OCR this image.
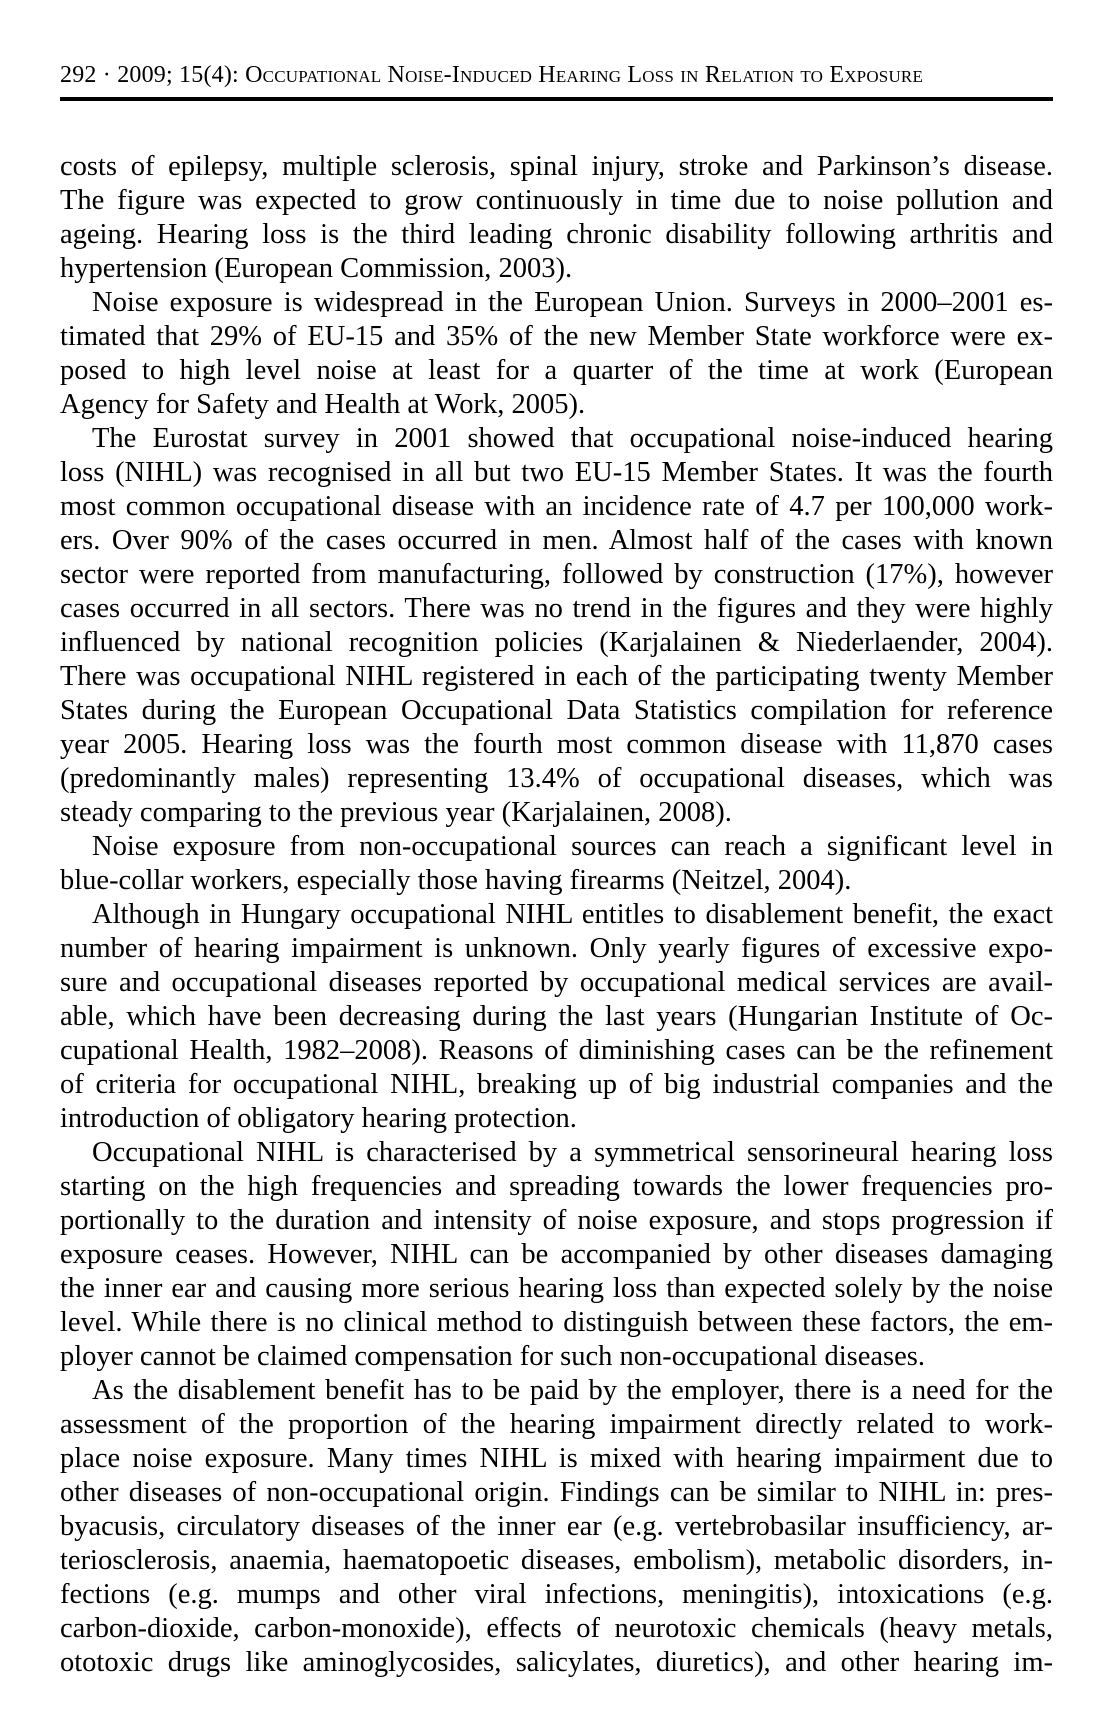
292 · 2009; 15(4): Occupational Noise-Induced Hearing Loss in Relation to Exposure
costs of epilepsy, multiple sclerosis, spinal injury, stroke and Parkinson’s disease.
The figure was expected to grow continuously in time due to noise pollution and
ageing. Hearing loss is the third leading chronic disability following arthritis and
hypertension (European Commission, 2003).
Noise exposure is widespread in the European Union. Surveys in 2000–2001 es-
timated that 29% of EU-15 and 35% of the new Member State workforce were ex-
posed to high level noise at least for a quarter of the time at work (European
Agency for Safety and Health at Work, 2005).
The Eurostat survey in 2001 showed that occupational noise-induced hearing
loss (NIHL) was recognised in all but two EU-15 Member States. It was the fourth
most common occupational disease with an incidence rate of 4.7 per 100,000 work-
ers. Over 90% of the cases occurred in men. Almost half of the cases with known
sector were reported from manufacturing, followed by construction (17%), however
cases occurred in all sectors. There was no trend in the figures and they were highly
influenced by national recognition policies (Karjalainen & Niederlaender, 2004).
There was occupational NIHL registered in each of the participating twenty Member
States during the European Occupational Data Statistics compilation for reference
year 2005. Hearing loss was the fourth most common disease with 11,870 cases
(predominantly males) representing 13.4% of occupational diseases, which was
steady comparing to the previous year (Karjalainen, 2008).
Noise exposure from non-occupational sources can reach a significant level in
blue-collar workers, especially those having firearms (Neitzel, 2004).
Although in Hungary occupational NIHL entitles to disablement benefit, the exact
number of hearing impairment is unknown. Only yearly figures of excessive expo-
sure and occupational diseases reported by occupational medical services are avail-
able, which have been decreasing during the last years (Hungarian Institute of Oc-
cupational Health, 1982–2008). Reasons of diminishing cases can be the refinement
of criteria for occupational NIHL, breaking up of big industrial companies and the
introduction of obligatory hearing protection.
Occupational NIHL is characterised by a symmetrical sensorineural hearing loss
starting on the high frequencies and spreading towards the lower frequencies pro-
portionally to the duration and intensity of noise exposure, and stops progression if
exposure ceases. However, NIHL can be accompanied by other diseases damaging
the inner ear and causing more serious hearing loss than expected solely by the noise
level. While there is no clinical method to distinguish between these factors, the em-
ployer cannot be claimed compensation for such non-occupational diseases.
As the disablement benefit has to be paid by the employer, there is a need for the
assessment of the proportion of the hearing impairment directly related to work-
place noise exposure. Many times NIHL is mixed with hearing impairment due to
other diseases of non-occupational origin. Findings can be similar to NIHL in: pres-
byacusis, circulatory diseases of the inner ear (e.g. vertebrobasilar insufficiency, ar-
teriosclerosis, anaemia, haematopoetic diseases, embolism), metabolic disorders, in-
fections (e.g. mumps and other viral infections, meningitis), intoxications (e.g.
carbon-dioxide, carbon-monoxide), effects of neurotoxic chemicals (heavy metals,
ototoxic drugs like aminoglycosides, salicylates, diuretics), and other hearing im-
